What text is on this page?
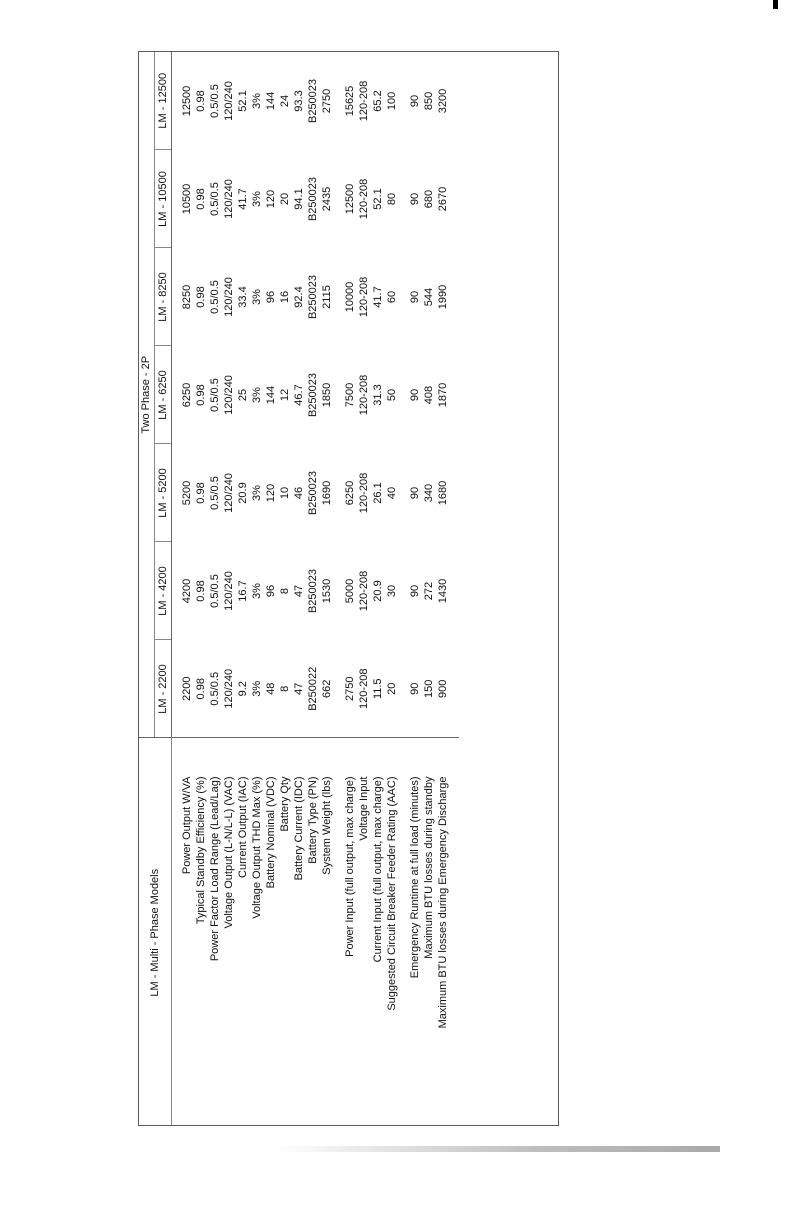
LM - Multi - Phase Models	Two Phase - 2P						
	LM - 2200	LM - 4200	LM - 5200	LM - 6250	LM - 8250	LM - 10500	LM - 12500

Power Output W/VA	2200	4200	5200	6250	8250	10500	12500
Typical Standby Efficiency (%)	0.98	0.98	0.98	0.98	0.98	0.98	0.98
Power Factor Load Range (Lead/Lag)	0.5/0.5	0.5/0.5	0.5/0.5	0.5/0.5	0.5/0.5	0.5/0.5	0.5/0.5
Voltage Output (L-N/L-L) (VAC)	120/240	120/240	120/240	120/240	120/240	120/240	120/240
Current Output (IAC)	9.2	16.7	20.9	25	33.4	41.7	52.1
Voltage Output THD Max (%)	3%	3%	3%	3%	3%	3%	3%
Battery Nominal (VDC)	48	96	120	144	96	120	144
Battery Qty	8	8	10	12	16	20	24
Battery Current (IDC)	47	47	46	46.7	92.4	94.1	93.3
Battery Type (PN)	B250022	B250023	B250023	B250023	B250023	B250023	B250023
System Weight (lbs)	662	1530	1690	1850	2115	2435	2750

Power Input (full output, max charge)	2750	5000	6250	7500	10000	12500	15625
Voltage Input	120-208	120-208	120-208	120-208	120-208	120-208	120-208
Current Input (full output, max charge)	11.5	20.9	26.1	31.3	41.7	52.1	65.2
Suggested Circuit Breaker Feeder Rating (AAC)	20	30	40	50	60	80	100

Emergency Runtime at full load (minutes)	90	90	90	90	90	90	90
Maximum BTU losses during standby	150	272	340	408	544	680	850
Maximum BTU losses during Emergency Discharge	900	1430	1680	1870	1990	2670	3200
